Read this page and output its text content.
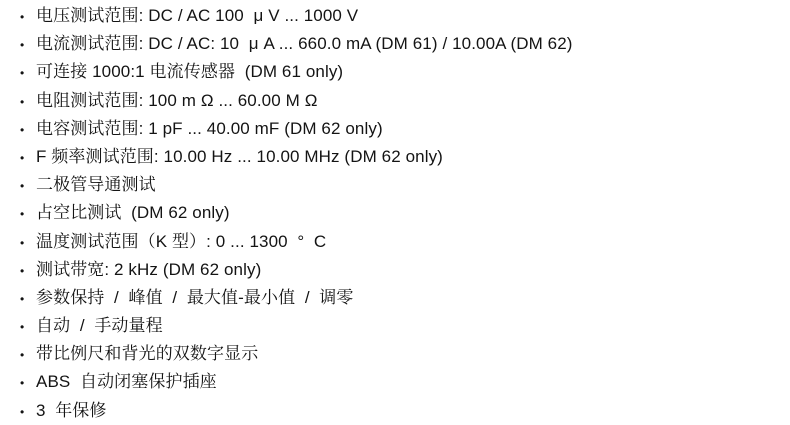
• 电压测试范围: DC / AC 100  μ V ... 1000 V
• 电流测试范围: DC / AC: 10  μ A ... 660.0 mA (DM 61) / 10.00A (DM 62)
• 可连接 1000:1 电流传感器  (DM 61 only)
• 电阻测试范围: 100 m Ω ... 60.00 M Ω
• 电容测试范围: 1 pF ... 40.00 mF (DM 62 only)
• F 频率测试范围: 10.00 Hz ... 10.00 MHz (DM 62 only)
• 二极管导通测试
• 占空比测试  (DM 62 only)
• 温度测试范围（K 型）: 0 ... 1300  °  C
• 测试带宽: 2 kHz (DM 62 only)
• 参数保持  /  峰值  /  最大值-最小值  /  调零
• 自动  /  手动量程
• 带比例尺和背光的双数字显示
• ABS  自动闭塞保护插座
• 3  年保修
